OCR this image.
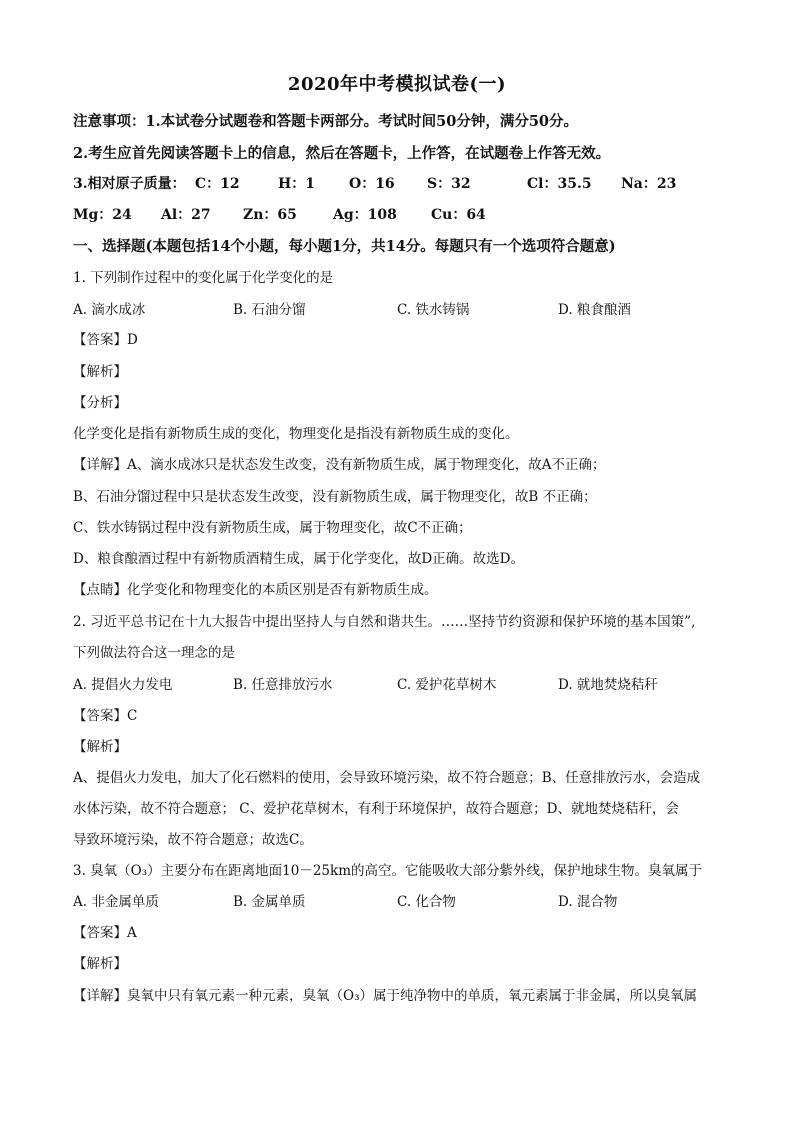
2020年中考模拟试卷(一)
注意事项：1.本试卷分试题卷和答题卡两部分。考试时间50分钟，满分50分。
2.考生应首先阅读答题卡上的信息，然后在答题卡，上作答，在试题卷上作答无效。
3.相对原子质量： C：12	H：1 O：16 S：32	Cl：35.5 Na：23
Mg：24 Al：27 Zn：65	Ag：108 Cu：64
一、选择题(本题包括14个小题，每小题1分，共14分。每题只有一个选项符合题意)
1. 下列制作过程中的变化属于化学变化的是
A. 滴水成冰	B. 石油分馏	C. 铁水铸锅	D. 粮食酿酒
【答案】D
【解析】
【分析】
化学变化是指有新物质生成的变化，物理变化是指没有新物质生成的变化。
【详解】A、滴水成冰只是状态发生改变，没有新物质生成，属于物理变化，故A不正确；
B、石油分馏过程中只是状态发生改变，没有新物质生成，属于物理变化，故B 不正确；
C、铁水铸锅过程中没有新物质生成，属于物理变化，故C不正确；
D、粮食酿酒过程中有新物质酒精生成，属于化学变化，故D正确。故选D。
【点睛】化学变化和物理变化的本质区别是否有新物质生成。
2. 习近平总书记在十九大报告中提出坚持人与自然和谐共生。……坚持节约资源和保护环境的基本国策”,
下列做法符合这一理念的是
A. 提倡火力发电	B. 任意排放污水	C. 爱护花草树木	D. 就地焚烧秸秆
【答案】C
【解析】
A、提倡火力发电，加大了化石燃料的使用，会导致环境污染，故不符合题意；B、任意排放污水，会造成
水体污染，故不符合题意； C、爱护花草树木，有利于环境保护，故符合题意；D、就地焚烧秸秆，会
导致环境污染，故不符合题意；故选C。
3. 臭氧（O₃）主要分布在距离地面10－25km的高空。它能吸收大部分紫外线，保护地球生物。臭氧属于
A. 非金属单质	B. 金属单质	C. 化合物	D. 混合物
【答案】A
【解析】
【详解】臭氧中只有氧元素一种元素，臭氧（O₃）属于纯净物中的单质，氧元素属于非金属，所以臭氧属
